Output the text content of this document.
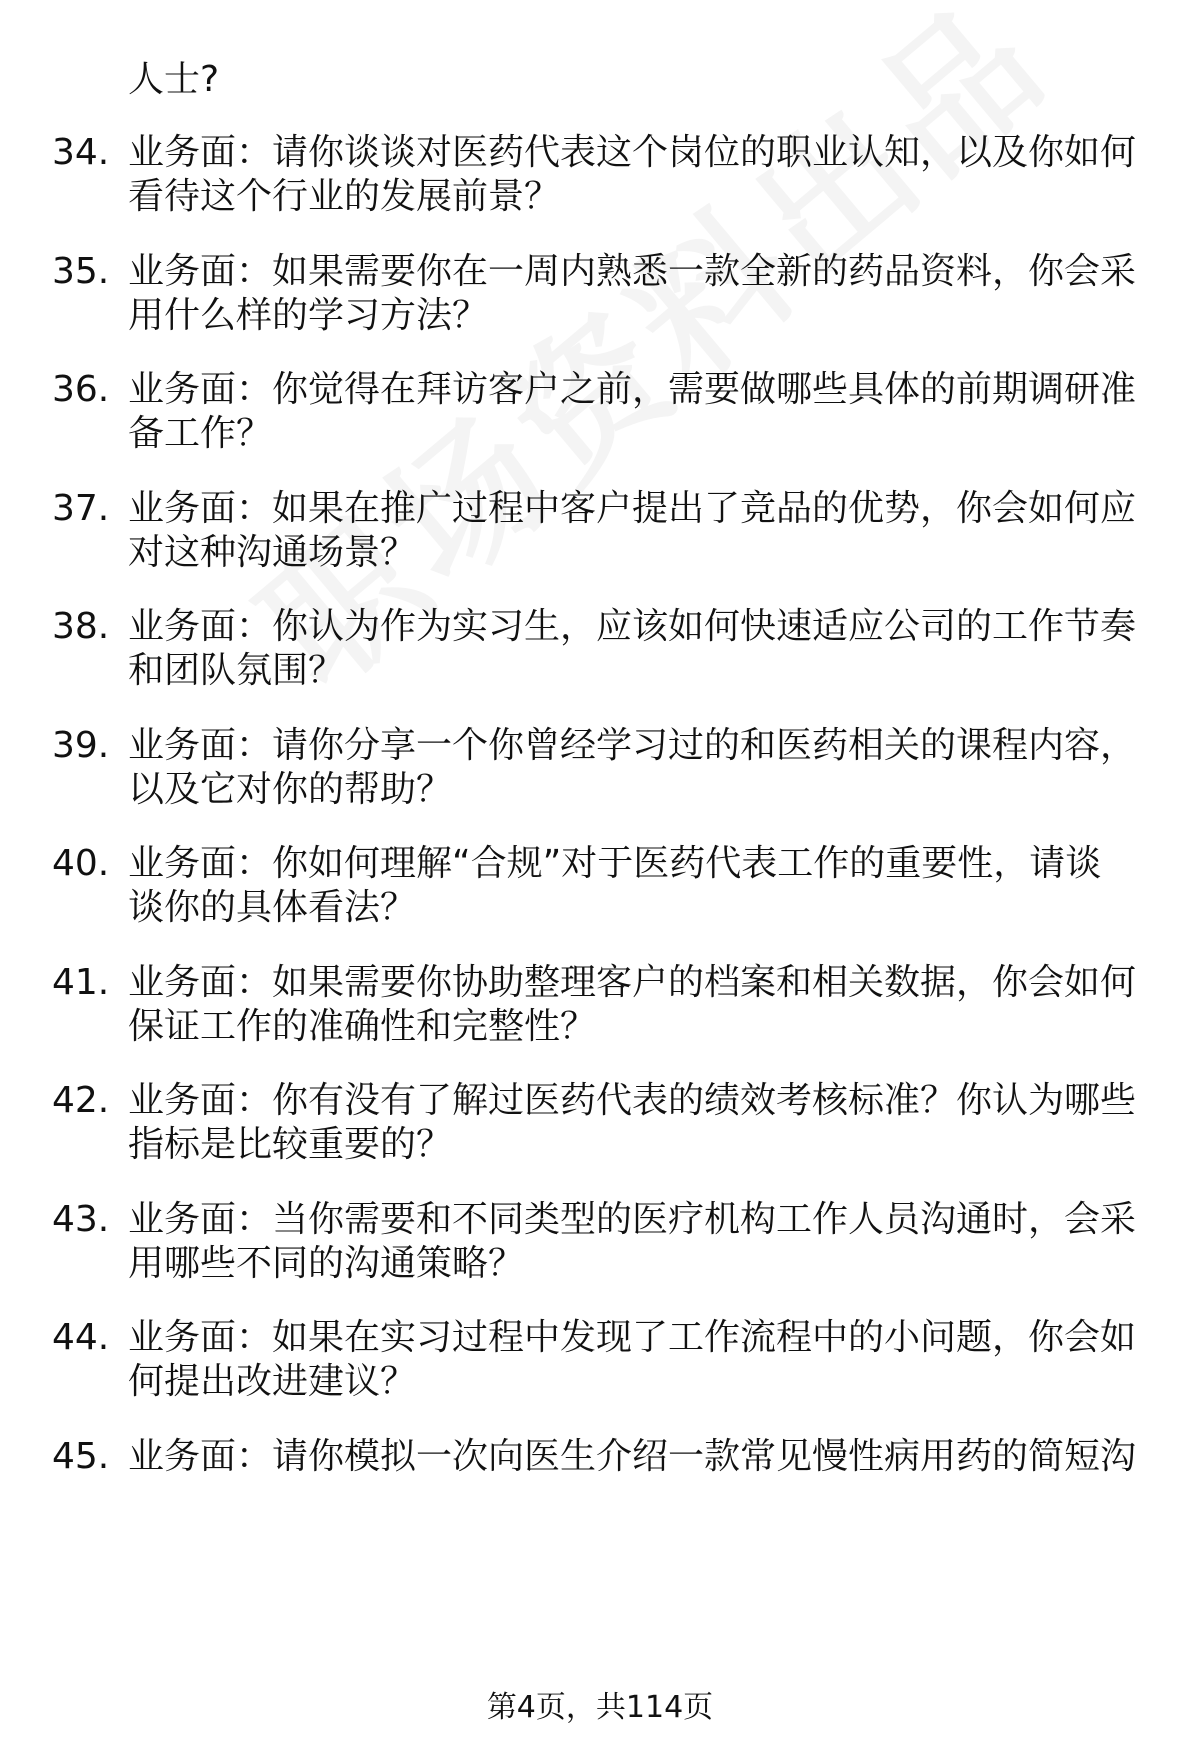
人士?
34. 业务面：请你谈谈对医药代表这个岗位的职业认知，以及你如何
看待这个行业的发展前景？
35. 业务面：如果需要你在一周内熟悉一款全新的药品资料，你会采
用什么样的学习方法？
36. 业务面：你觉得在拜访客户之前，需要做哪些具体的前期调研准
备工作？
37. 业务面：如果在推广过程中客户提出了竞品的优势，你会如何应
对这种沟通场景？
38. 业务面：你认为作为实习生，应该如何快速适应公司的工作节奏
和团队氛围？
39. 业务面：请你分享一个你曾经学习过的和医药相关的课程内容，
以及它对你的帮助？
40. 业务面：你如何理解“合规”对于医药代表工作的重要性，请谈
谈你的具体看法？
41. 业务面：如果需要你协助整理客户的档案和相关数据，你会如何
保证工作的准确性和完整性？
42. 业务面：你有没有了解过医药代表的绩效考核标准？你认为哪些
指标是比较重要的？
43. 业务面：当你需要和不同类型的医疗机构工作人员沟通时，会采
用哪些不同的沟通策略？
44. 业务面：如果在实习过程中发现了工作流程中的小问题，你会如
何提出改进建议？
45. 业务面：请你模拟一次向医生介绍一款常见慢性病用药的简短沟
第4页，共114页
